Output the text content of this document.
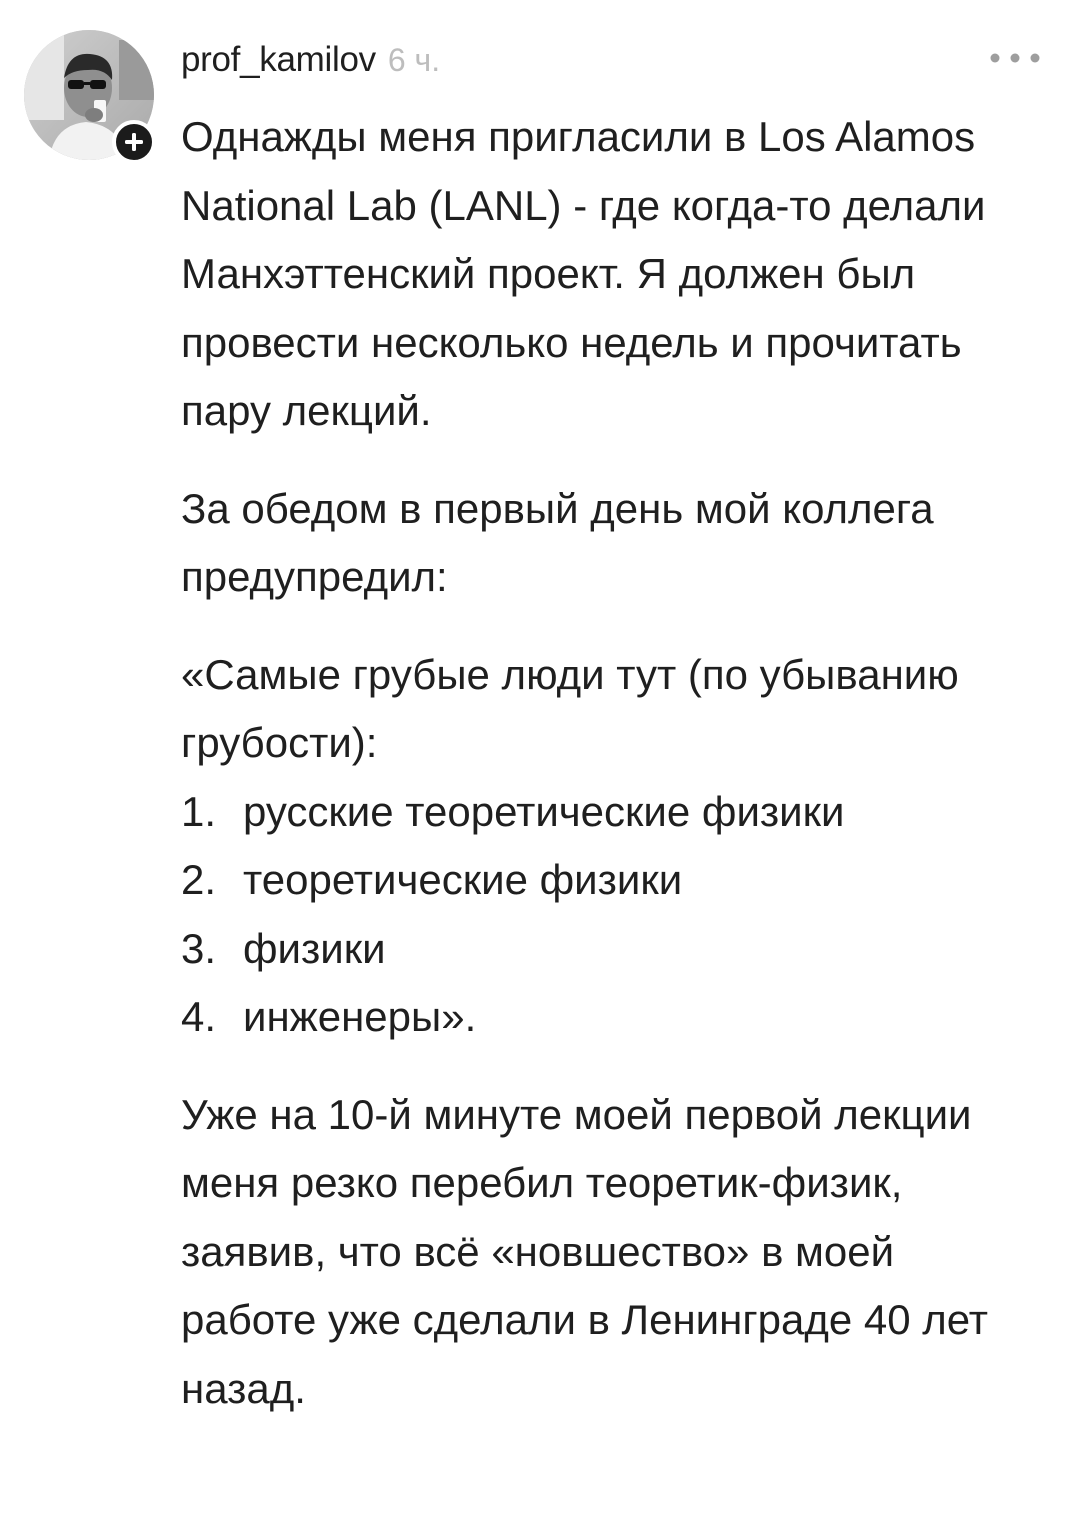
prof_kamilov 6 ч.

Однажды меня пригласили в Los Alamos National Lab (LANL) - где когда-то делали Манхэттенский проект. Я должен был провести несколько недель и прочитать пару лекций.

За обедом в первый день мой коллега предупредил:

«Самые грубые люди тут (по убыванию грубости):

1. русские теоретические физики
2. теоретические физики
3. физики
4. инженеры».

Уже на 10-й минуте моей первой лекции меня резко перебил теоретик-физик, заявив, что всё «новшество» в моей работе уже сделали в Ленинграде 40 лет назад.
